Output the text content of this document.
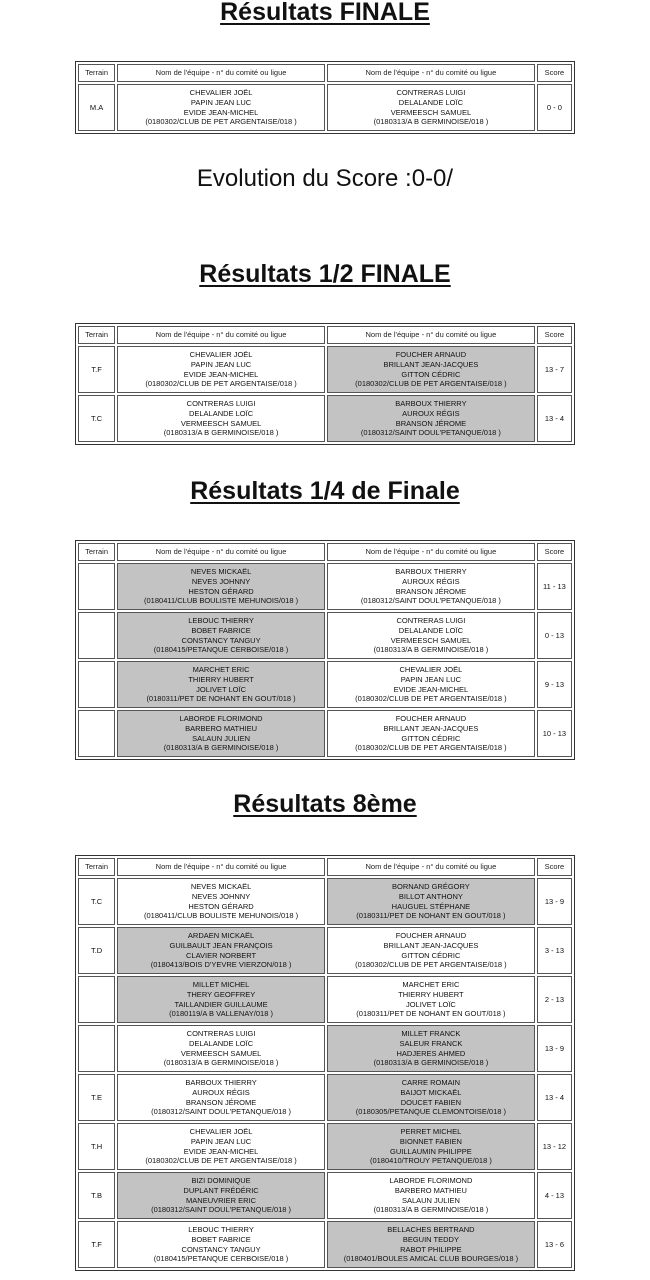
Résultats FINALE
Terrain	Nom de l'équipe - n° du comité ou ligue	Nom de l'équipe - n° du comité ou ligue	Score
M.A	CHEVALIER JOËL
PAPIN JEAN LUC
EVIDE JEAN-MICHEL
(0180302/CLUB DE PET ARGENTAISE/018 )	CONTRERAS LUIGI
DELALANDE LOÏC
VERMEESCH SAMUEL
(0180313/A B GERMINOISE/018 )	0 - 0
Evolution du Score :0-0/
Résultats 1/2 FINALE
Terrain	Nom de l'équipe - n° du comité ou ligue	Nom de l'équipe - n° du comité ou ligue	Score
T.F	CHEVALIER JOËL
PAPIN JEAN LUC
EVIDE JEAN-MICHEL
(0180302/CLUB DE PET ARGENTAISE/018 )	FOUCHER ARNAUD
BRILLANT JEAN-JACQUES
GITTON CÉDRIC
(0180302/CLUB DE PET ARGENTAISE/018 )	13 - 7
T.C	CONTRERAS LUIGI
DELALANDE LOÏC
VERMEESCH SAMUEL
(0180313/A B GERMINOISE/018 )	BARBOUX THIERRY
AUROUX RÉGIS
BRANSON JÉROME
(0180312/SAINT DOUL'PETANQUE/018 )	13 - 4
Résultats 1/4 de Finale
Terrain	Nom de l'équipe - n° du comité ou ligue	Nom de l'équipe - n° du comité ou ligue	Score

	NEVES MICKAËL
NEVES JOHNNY
HESTON GÉRARD
(0180411/CLUB BOULISTE MEHUNOIS/018 )	BARBOUX THIERRY
AUROUX RÉGIS
BRANSON JÉROME
(0180312/SAINT DOUL'PETANQUE/018 )	11 - 13

	LEBOUC THIERRY
BOBET FABRICE
CONSTANCY TANGUY
(0180415/PETANQUE CERBOISE/018 )	CONTRERAS LUIGI
DELALANDE LOÏC
VERMEESCH SAMUEL
(0180313/A B GERMINOISE/018 )	0 - 13

	MARCHET ERIC
THIERRY HUBERT
JOLIVET LOÏC
(0180311/PET DE NOHANT EN GOUT/018 )	CHEVALIER JOËL
PAPIN JEAN LUC
EVIDE JEAN-MICHEL
(0180302/CLUB DE PET ARGENTAISE/018 )	9 - 13

	LABORDE FLORIMOND
BARBERO MATHIEU
SALAUN JULIEN
(0180313/A B GERMINOISE/018 )	FOUCHER ARNAUD
BRILLANT JEAN-JACQUES
GITTON CÉDRIC
(0180302/CLUB DE PET ARGENTAISE/018 )	10 - 13
Résultats 8ème
Terrain	Nom de l'équipe - n° du comité ou ligue	Nom de l'équipe - n° du comité ou ligue	Score
T.C	NEVES MICKAËL
NEVES JOHNNY
HESTON GÉRARD
(0180411/CLUB BOULISTE MEHUNOIS/018 )	BORNAND GRÉGORY
BILLOT ANTHONY
HAUGUEL STÉPHANE
(0180311/PET DE NOHANT EN GOUT/018 )	13 - 9
T.D	ARDAEN MICKAËL
GUILBAULT JEAN FRANÇOIS
CLAVIER NORBERT
(0180413/BOIS D'YEVRE VIERZON/018 )	FOUCHER ARNAUD
BRILLANT JEAN-JACQUES
GITTON CÉDRIC
(0180302/CLUB DE PET ARGENTAISE/018 )	3 - 13

	MILLET MICHEL
THERY GEOFFREY
TAILLANDIER GUILLAUME
(0180119/A B VALLENAY/018 )	MARCHET ERIC
THIERRY HUBERT
JOLIVET LOÏC
(0180311/PET DE NOHANT EN GOUT/018 )	2 - 13

	CONTRERAS LUIGI
DELALANDE LOÏC
VERMEESCH SAMUEL
(0180313/A B GERMINOISE/018 )	MILLET FRANCK
SALEUR FRANCK
HADJERES AHMED
(0180313/A B GERMINOISE/018 )	13 - 9
T.E	BARBOUX THIERRY
AUROUX RÉGIS
BRANSON JÉROME
(0180312/SAINT DOUL'PETANQUE/018 )	CARRE ROMAIN
BAIJOT MICKAËL
DOUCET FABIEN
(0180305/PETANQUE CLEMONTOISE/018 )	13 - 4
T.H	CHEVALIER JOËL
PAPIN JEAN LUC
EVIDE JEAN-MICHEL
(0180302/CLUB DE PET ARGENTAISE/018 )	PERRET MICHEL
BIONNET FABIEN
GUILLAUMIN PHILIPPE
(0180410/TROUY PETANQUE/018 )	13 - 12
T.B	BIZI DOMINIQUE
DUPLANT FRÉDÉRIC
MANEUVRIER ERIC
(0180312/SAINT DOUL'PETANQUE/018 )	LABORDE FLORIMOND
BARBERO MATHIEU
SALAUN JULIEN
(0180313/A B GERMINOISE/018 )	4 - 13
T.F	LEBOUC THIERRY
BOBET FABRICE
CONSTANCY TANGUY
(0180415/PETANQUE CERBOISE/018 )	BELLACHES BERTRAND
BEGUIN TEDDY
RABOT PHILIPPE
(0180401/BOULES AMICAL CLUB BOURGES/018 )	13 - 6
